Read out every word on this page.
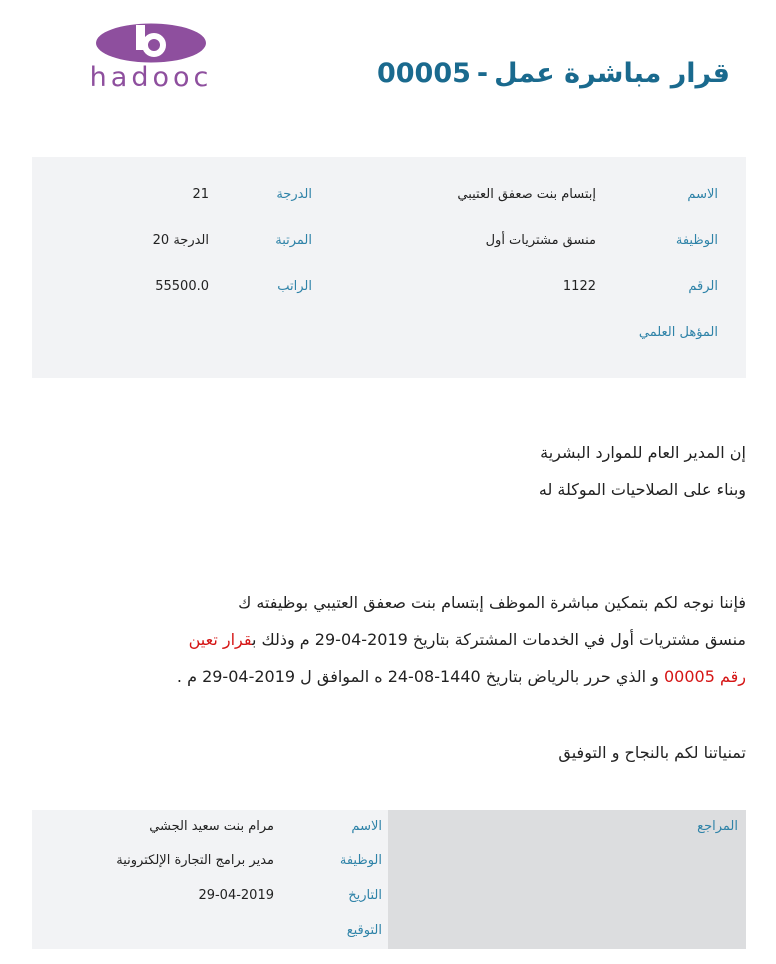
قرار مباشرة عمل-00005
hadooc
الاسم
إبتسام بنت صعفق العتيبي
الدرجة
21
الوظيفة
منسق مشتريات أول
المرتبة
الدرجة 20
الرقم
1122
الراتب
55500.0
المؤهل العلمي
إن المدير العام للموارد البشرية
وبناء على الصلاحيات الموكلة له
فإننا نوجه لكم بتمكين مباشرة الموظف إبتسام بنت صعفق العتيبي بوظيفته ك
منسق مشتريات أول في الخدمات المشتركة بتاريخ 2019-04-29 م وذلك بقرار تعين
رقم 00005 و الذي حرر بالرياض بتاريخ 1440-08-24 ه الموافق ل 2019-04-29 م .
تمنياتنا لكم بالنجاح و التوفيق
المراجع
الاسم
مرام بنت سعيد الجشي
الوظيفة
مدير برامج التجارة الإلكترونية
التاريخ
29-04-2019
التوقيع
